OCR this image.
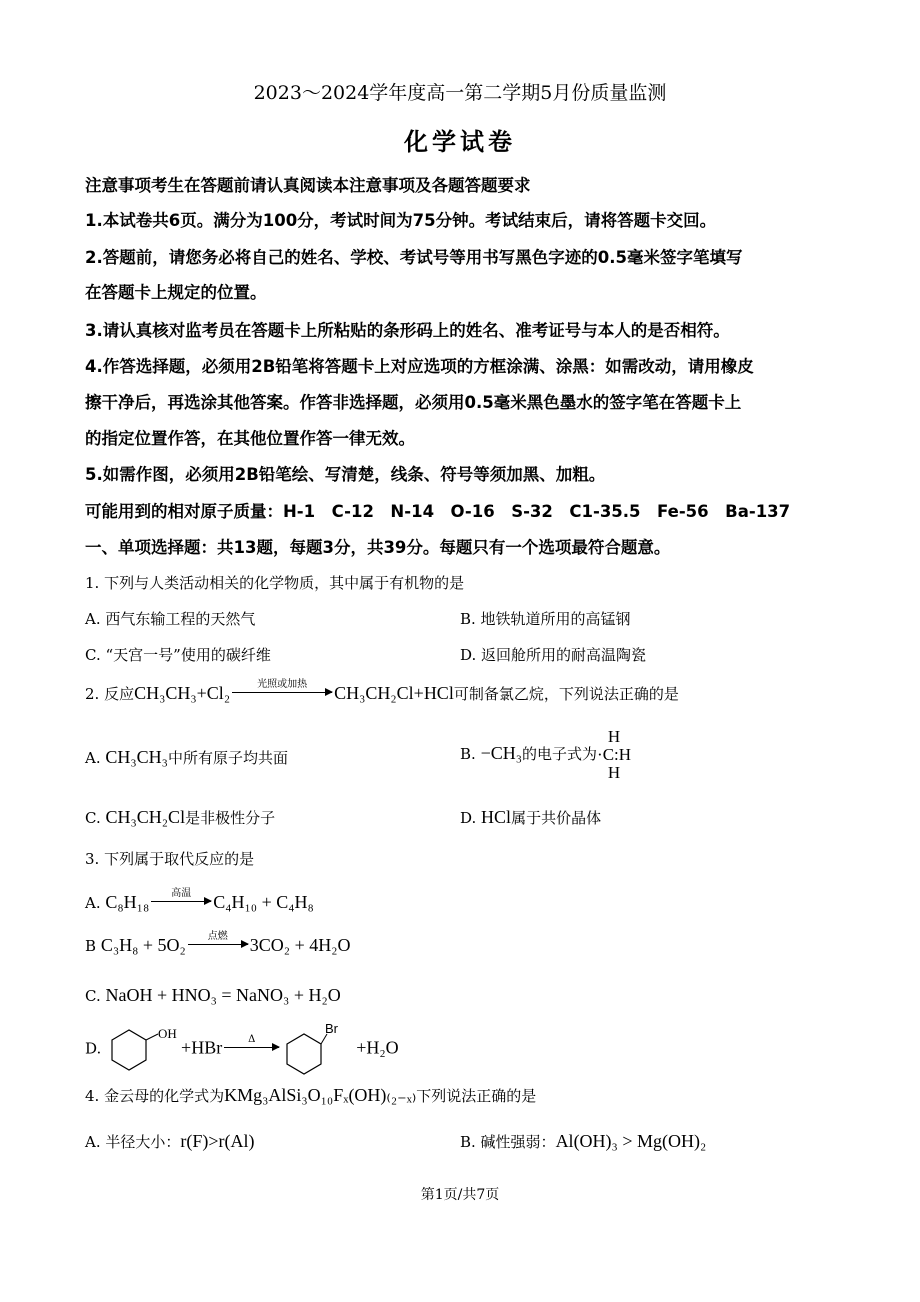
2023～2024学年度高一第二学期5月份质量监测
化学试卷
注意事项考生在答题前请认真阅读本注意事项及各题答题要求
1.本试卷共6页。满分为100分，考试时间为75分钟。考试结束后，请将答题卡交回。
2.答题前，请您务必将自己的姓名、学校、考试号等用书写黑色字迹的0.5毫米签字笔填写
在答题卡上规定的位置。
3.请认真核对监考员在答题卡上所粘贴的条形码上的姓名、准考证号与本人的是否相符。
4.作答选择题，必须用2B铅笔将答题卡上对应选项的方框涂满、涂黑：如需改动，请用橡皮
擦干净后，再选涂其他答案。作答非选择题，必须用0.5毫米黑色墨水的签字笔在答题卡上
的指定位置作答，在其他位置作答一律无效。
5.如需作图，必须用2B铅笔绘、写清楚，线条、符号等须加黑、加粗。
可能用到的相对原子质量：H-1　C-12　N-14　O-16　S-32　C1-35.5　Fe-56　Ba-137
一、单项选择题：共13题，每题3分，共39分。每题只有一个选项最符合题意。
1. 下列与人类活动相关的化学物质，其中属于有机物的是
A. 西气东输工程的天然气	B. 地铁轨道所用的高锰钢
C. “天宫一号”使用的碳纤维	D. 返回舱所用的耐高温陶瓷
2. 反应CH₃CH₃+Cl₂	光照或加热	CH₃CH₂Cl+HCl可制备氯乙烷，下列说法正确的是
A. CH₃CH₃中所有原子均共面	B. −CH₃的电子式为H
·C:H
H
C. CH₃CH₂Cl是非极性分子	D. HCl属于共价晶体
3. 下列属于取代反应的是
A. C₈H₁₈	高温	C₄H₁₀ + C₄H₈
B C₃H₈ + 5O₂	点燃	3CO₂ + 4H₂O
C. NaOH + HNO₃ = NaNO₃ + H₂O
D.
OH
+HBr	Δ
Br
+H₂O
4. 金云母的化学式为KMg₃AlSi₃O₁₀Fₓ(OH)₍₂₋ₓ₎下列说法正确的是
A. 半径大小：r(F)>r(Al)	B. 碱性强弱：Al(OH)₃ > Mg(OH)₂
第1页/共7页
